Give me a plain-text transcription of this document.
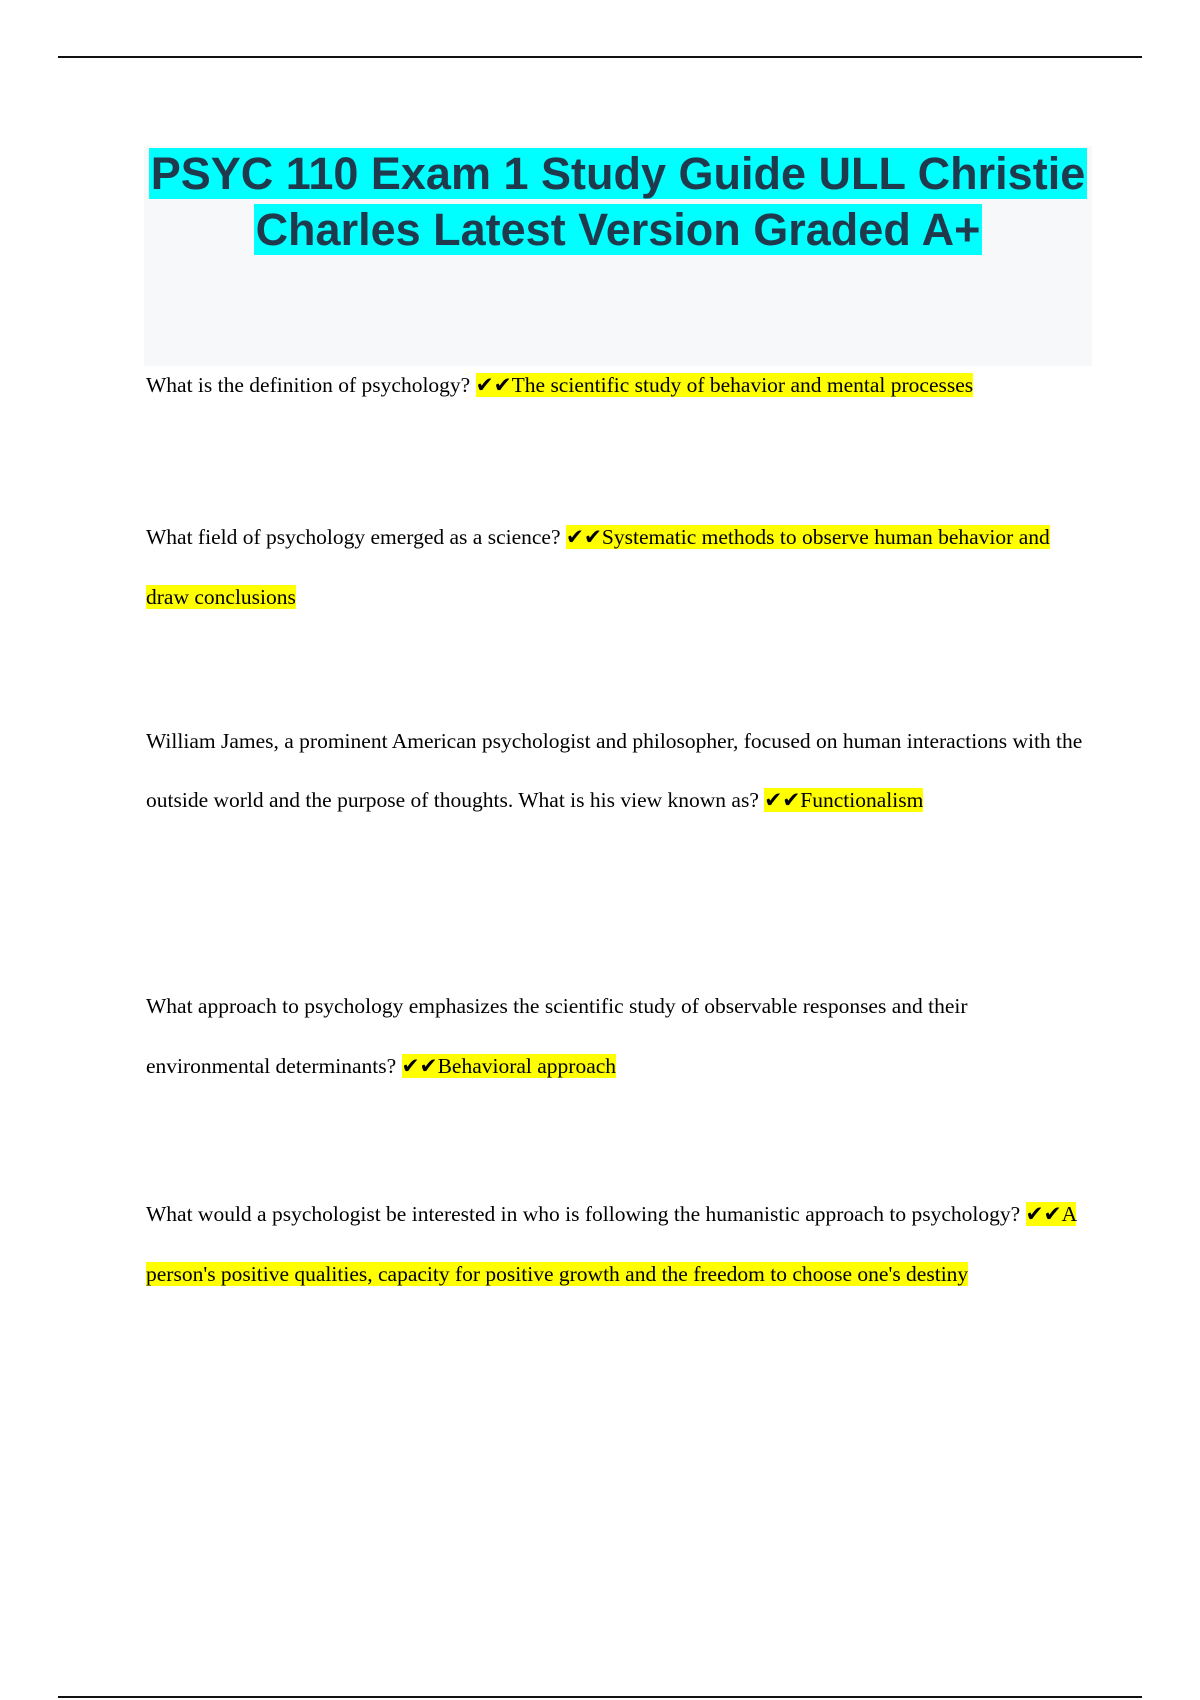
PSYC 110 Exam 1 Study Guide ULL Christie Charles Latest Version Graded A+

What is the definition of psychology? ✔✔The scientific study of behavior and mental processes

What field of psychology emerged as a science? ✔✔Systematic methods to observe human behavior and draw conclusions

William James, a prominent American psychologist and philosopher, focused on human interactions with the outside world and the purpose of thoughts. What is his view known as? ✔✔Functionalism

What approach to psychology emphasizes the scientific study of observable responses and their environmental determinants? ✔✔Behavioral approach

What would a psychologist be interested in who is following the humanistic approach to psychology? ✔✔A person's positive qualities, capacity for positive growth and the freedom to choose one's destiny
